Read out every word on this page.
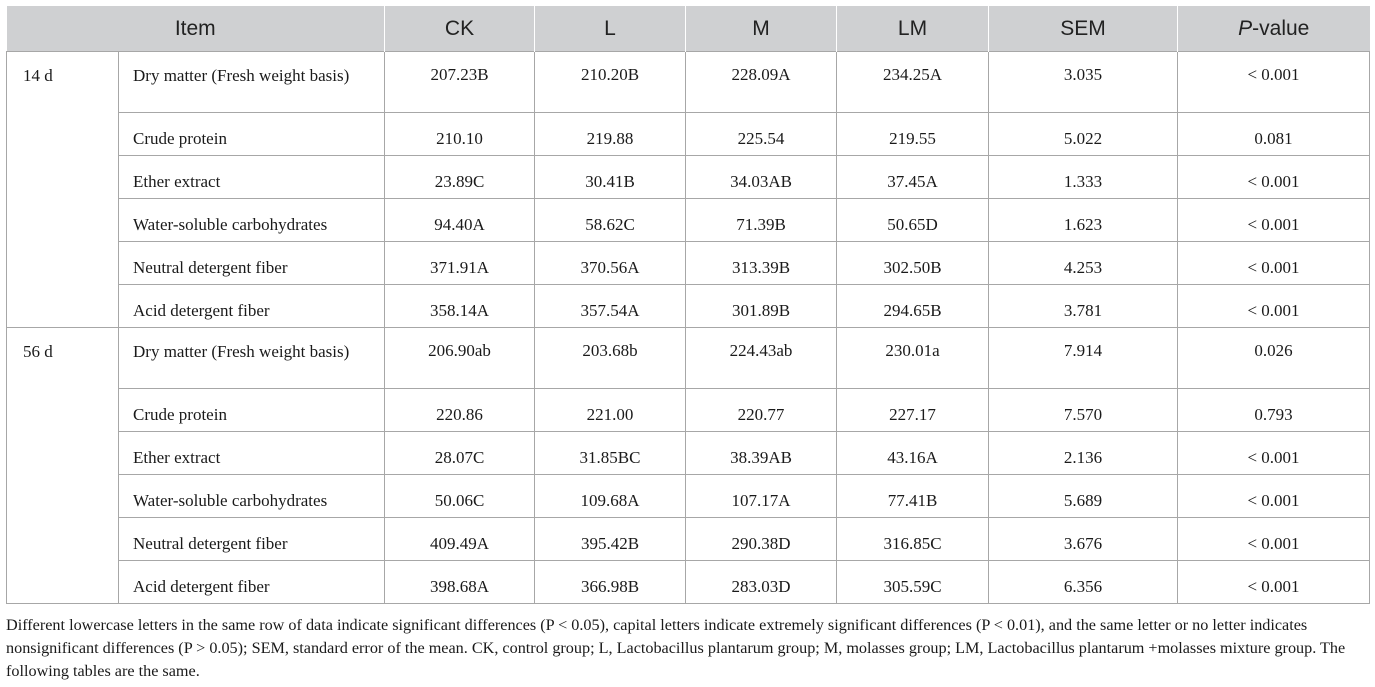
Item		CK	L	M	LM	SEM	P-value
14 d	Dry matter (Fresh weight basis)	207.23B	210.20B	228.09A	234.25A	3.035	< 0.001
	Crude protein	210.10	219.88	225.54	219.55	5.022	0.081
	Ether extract	23.89C	30.41B	34.03AB	37.45A	1.333	< 0.001
	Water-soluble carbohydrates	94.40A	58.62C	71.39B	50.65D	1.623	< 0.001
	Neutral detergent fiber	371.91A	370.56A	313.39B	302.50B	4.253	< 0.001
	Acid detergent fiber	358.14A	357.54A	301.89B	294.65B	3.781	< 0.001
56 d	Dry matter (Fresh weight basis)	206.90ab	203.68b	224.43ab	230.01a	7.914	0.026
	Crude protein	220.86	221.00	220.77	227.17	7.570	0.793
	Ether extract	28.07C	31.85BC	38.39AB	43.16A	2.136	< 0.001
	Water-soluble carbohydrates	50.06C	109.68A	107.17A	77.41B	5.689	< 0.001
	Neutral detergent fiber	409.49A	395.42B	290.38D	316.85C	3.676	< 0.001
	Acid detergent fiber	398.68A	366.98B	283.03D	305.59C	6.356	< 0.001
Different lowercase letters in the same row of data indicate significant differences (P < 0.05), capital letters indicate extremely significant differences (P < 0.01), and the same letter or no letter indicates nonsignificant differences (P > 0.05); SEM, standard error of the mean. CK, control group; L, Lactobacillus plantarum group; M, molasses group; LM, Lactobacillus plantarum +molasses mixture group. The following tables are the same.
